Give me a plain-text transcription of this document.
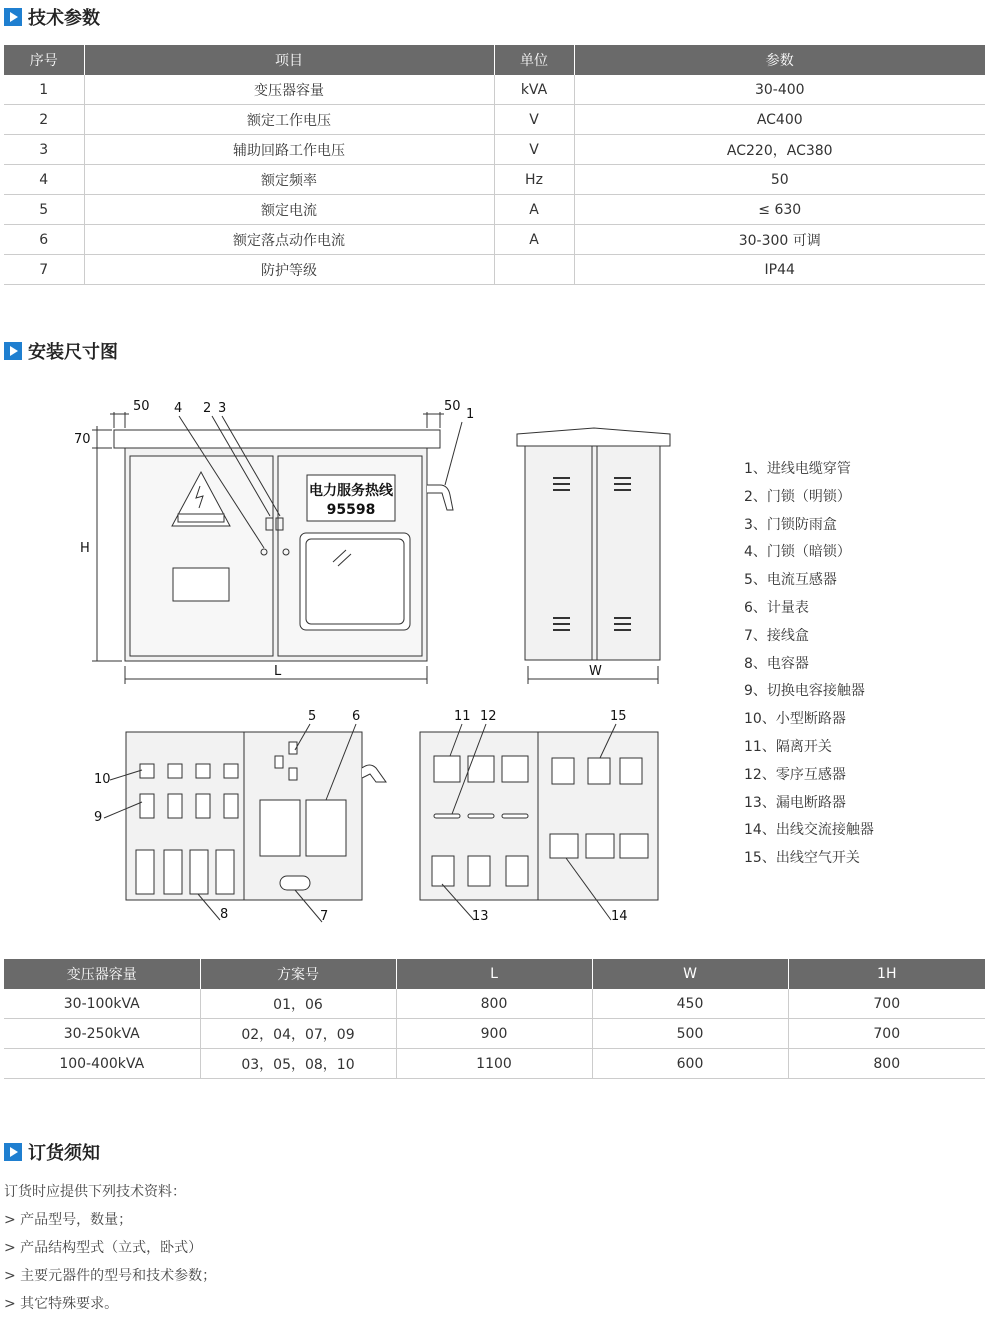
技术参数
序号	项目	单位	参数
1	变压器容量	kVA	30-400
2	额定工作电压	V	AC400
3	辅助回路工作电压	V	AC220，AC380
4	额定频率	Hz	50
5	额定电流	A	≤ 630
6	额定落点动作电流	A	30-300 可调
7	防护等级		IP44
安装尺寸图
电力服务热线
95598
50	50
70
H
L
4 2 3	1
W
10
9
8	7
5	6	11 12	15
13	14
1、进线电缆穿管
2、门锁（明锁）
3、门锁防雨盒
4、门锁（暗锁）
5、电流互感器
6、计量表
7、接线盒
8、电容器
9、切换电容接触器
10、小型断路器
11、隔离开关
12、零序互感器
13、漏电断路器
14、出线交流接触器
15、出线空气开关
变压器容量	方案号	L	W	1H
30-100kVA	01，06	800	450	700
30-250kVA	02，04，07，09	900	500	700
100-400kVA	03，05，08，10	1100	600	800
订货须知
订货时应提供下列技术资料：
> 产品型号，数量；
> 产品结构型式（立式，卧式）
> 主要元器件的型号和技术参数；
> 其它特殊要求。
